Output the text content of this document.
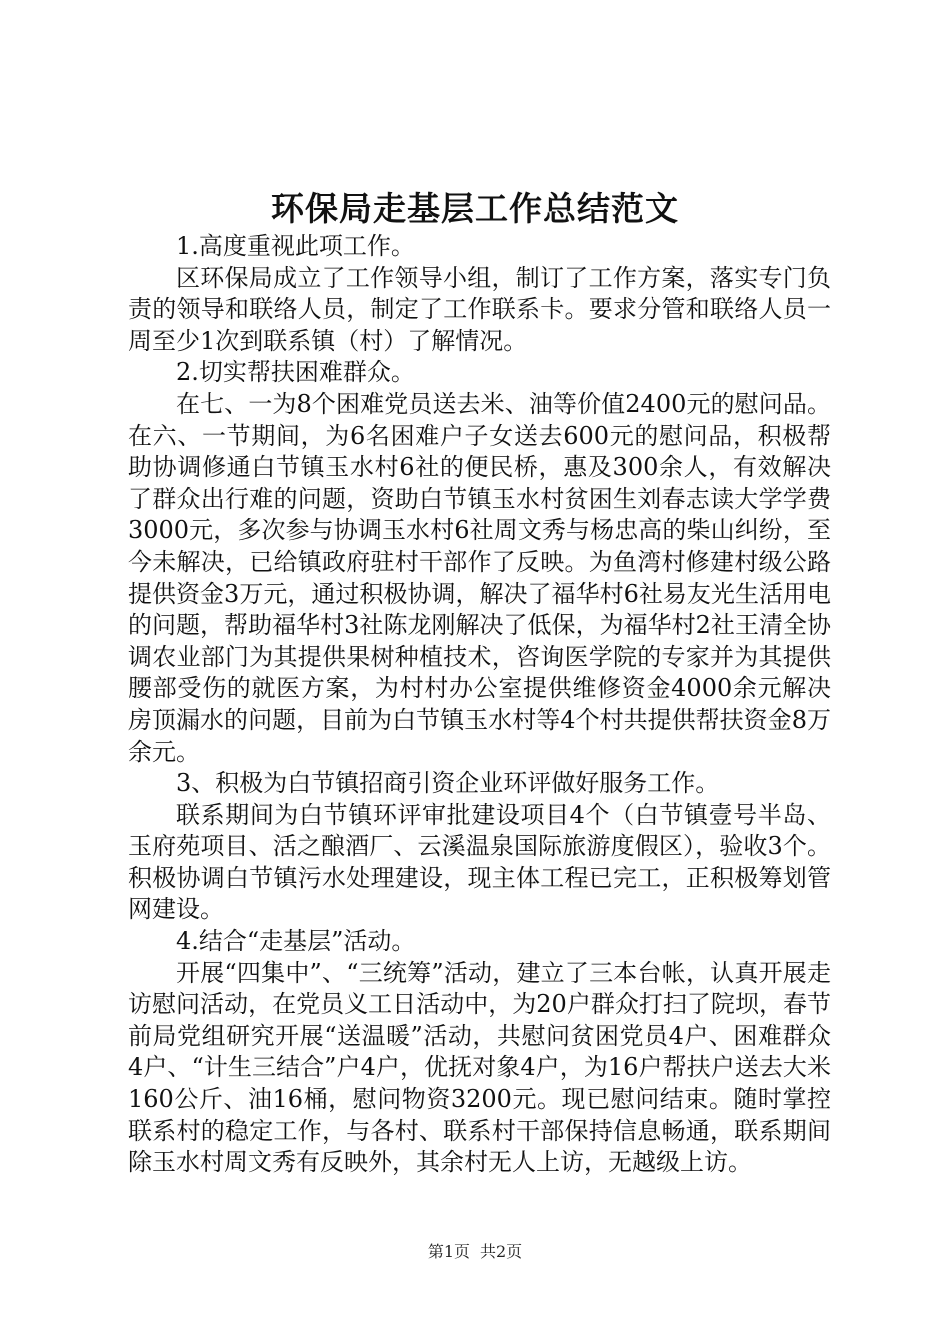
环保局走基层工作总结范文

1.高度重视此项工作。

区环保局成立了工作领导小组，制订了工作方案，落实专门负责的领导和联络人员，制定了工作联系卡。要求分管和联络人员一周至少1次到联系镇（村）了解情况。

2.切实帮扶困难群众。

在七、一为8个困难党员送去米、油等价值2400元的慰问品。在六、一节期间，为6名困难户子女送去600元的慰问品，积极帮助协调修通白节镇玉水村6社的便民桥，惠及300余人，有效解决了群众出行难的问题，资助白节镇玉水村贫困生刘春志读大学学费3000元，多次参与协调玉水村6社周文秀与杨忠高的柴山纠纷，至今未解决，已给镇政府驻村干部作了反映。为鱼湾村修建村级公路提供资金3万元，通过积极协调，解决了福华村6社易友光生活用电的问题，帮助福华村3社陈龙刚解决了低保，为福华村2社王清全协调农业部门为其提供果树种植技术，咨询医学院的专家并为其提供腰部受伤的就医方案，为村村办公室提供维修资金4000余元解决房顶漏水的问题，目前为白节镇玉水村等4个村共提供帮扶资金8万余元。

3、积极为白节镇招商引资企业环评做好服务工作。

联系期间为白节镇环评审批建设项目4个（白节镇壹号半岛、玉府苑项目、活之酿酒厂、云溪温泉国际旅游度假区），验收3个。积极协调白节镇污水处理建设，现主体工程已完工，正积极筹划管网建设。

4.结合“走基层”活动。

开展“四集中”、“三统筹”活动，建立了三本台帐，认真开展走访慰问活动，在党员义工日活动中，为20户群众打扫了院坝，春节前局党组研究开展“送温暖”活动，共慰问贫困党员4户、困难群众4户、“计生三结合”户4户，优抚对象4户，为16户帮扶户送去大米160公斤、油16桶，慰问物资3200元。现已慰问结束。随时掌控联系村的稳定工作，与各村、联系村干部保持信息畅通，联系期间除玉水村周文秀有反映外，其余村无人上访，无越级上访。

第1页 共2页
